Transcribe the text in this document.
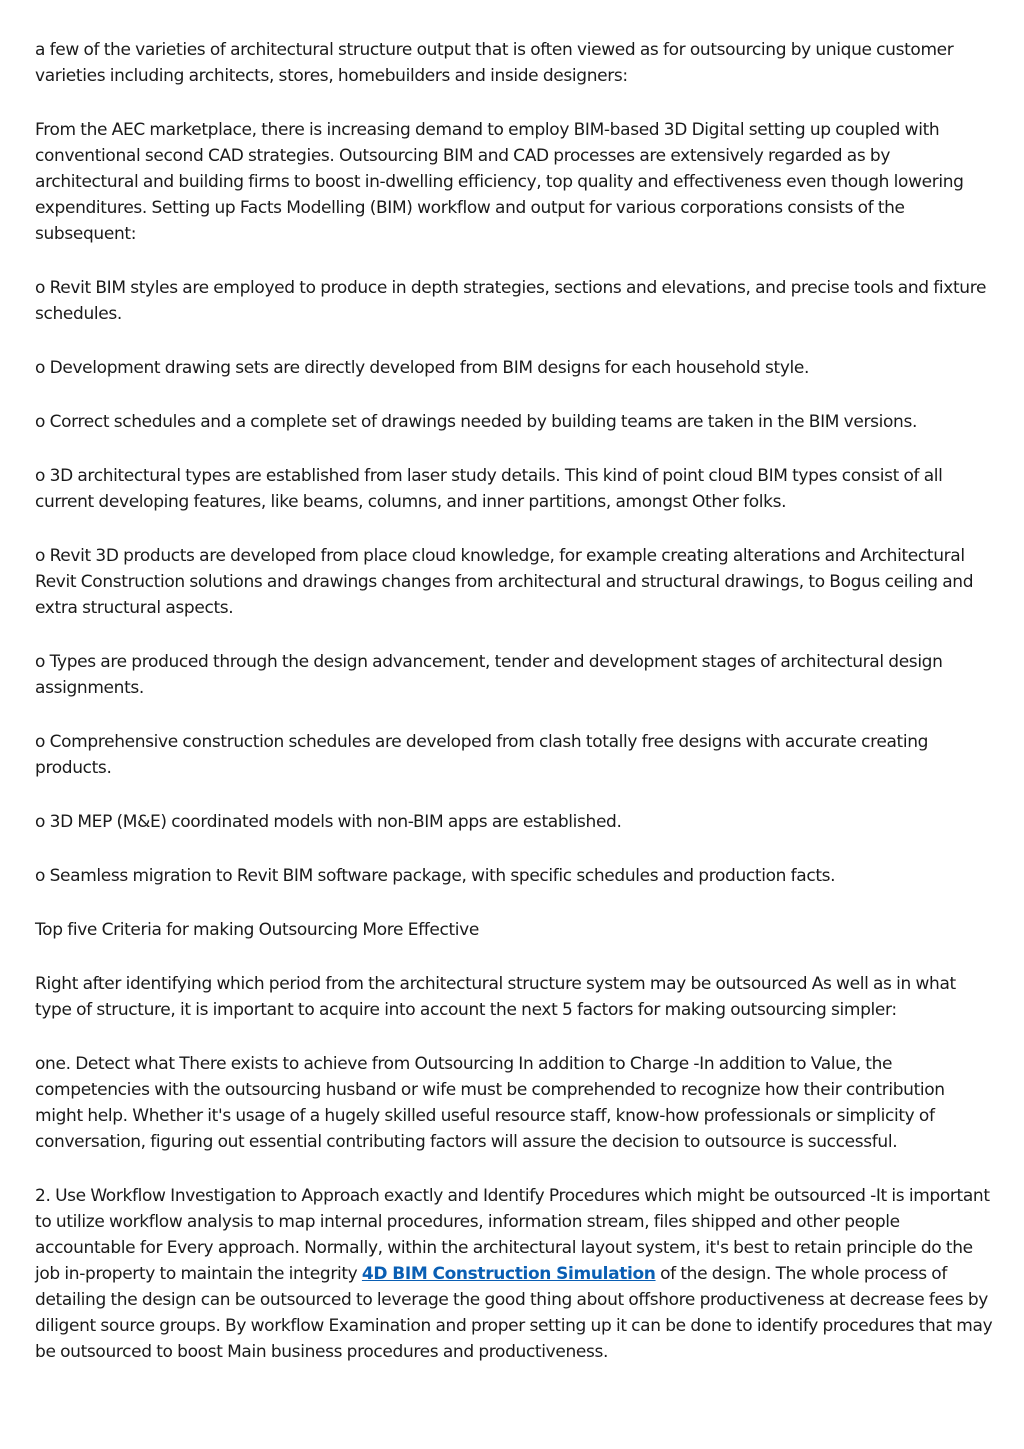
a few of the varieties of architectural structure output that is often viewed as for outsourcing by unique customer varieties including architects, stores, homebuilders and inside designers:

From the AEC marketplace, there is increasing demand to employ BIM-based 3D Digital setting up coupled with conventional second CAD strategies. Outsourcing BIM and CAD processes are extensively regarded as by architectural and building firms to boost in-dwelling efficiency, top quality and effectiveness even though lowering expenditures. Setting up Facts Modelling (BIM) workflow and output for various corporations consists of the subsequent:

o Revit BIM styles are employed to produce in depth strategies, sections and elevations, and precise tools and fixture schedules.

o Development drawing sets are directly developed from BIM designs for each household style.

o Correct schedules and a complete set of drawings needed by building teams are taken in the BIM versions.

o 3D architectural types are established from laser study details. This kind of point cloud BIM types consist of all current developing features, like beams, columns, and inner partitions, amongst Other folks.

o Revit 3D products are developed from place cloud knowledge, for example creating alterations and Architectural Revit Construction solutions and drawings changes from architectural and structural drawings, to Bogus ceiling and extra structural aspects.

o Types are produced through the design advancement, tender and development stages of architectural design assignments.

o Comprehensive construction schedules are developed from clash totally free designs with accurate creating products.

o 3D MEP (M&E) coordinated models with non-BIM apps are established.

o Seamless migration to Revit BIM software package, with specific schedules and production facts.

Top five Criteria for making Outsourcing More Effective

Right after identifying which period from the architectural structure system may be outsourced As well as in what type of structure, it is important to acquire into account the next 5 factors for making outsourcing simpler:

one. Detect what There exists to achieve from Outsourcing In addition to Charge -In addition to Value, the competencies with the outsourcing husband or wife must be comprehended to recognize how their contribution might help. Whether it's usage of a hugely skilled useful resource staff, know-how professionals or simplicity of conversation, figuring out essential contributing factors will assure the decision to outsource is successful.

2. Use Workflow Investigation to Approach exactly and Identify Procedures which might be outsourced -It is important to utilize workflow analysis to map internal procedures, information stream, files shipped and other people accountable for Every approach. Normally, within the architectural layout system, it's best to retain principle do the job in-property to maintain the integrity 4D BIM Construction Simulation of the design. The whole process of detailing the design can be outsourced to leverage the good thing about offshore productiveness at decrease fees by diligent source groups. By workflow Examination and proper setting up it can be done to identify procedures that may be outsourced to boost Main business procedures and productiveness.
